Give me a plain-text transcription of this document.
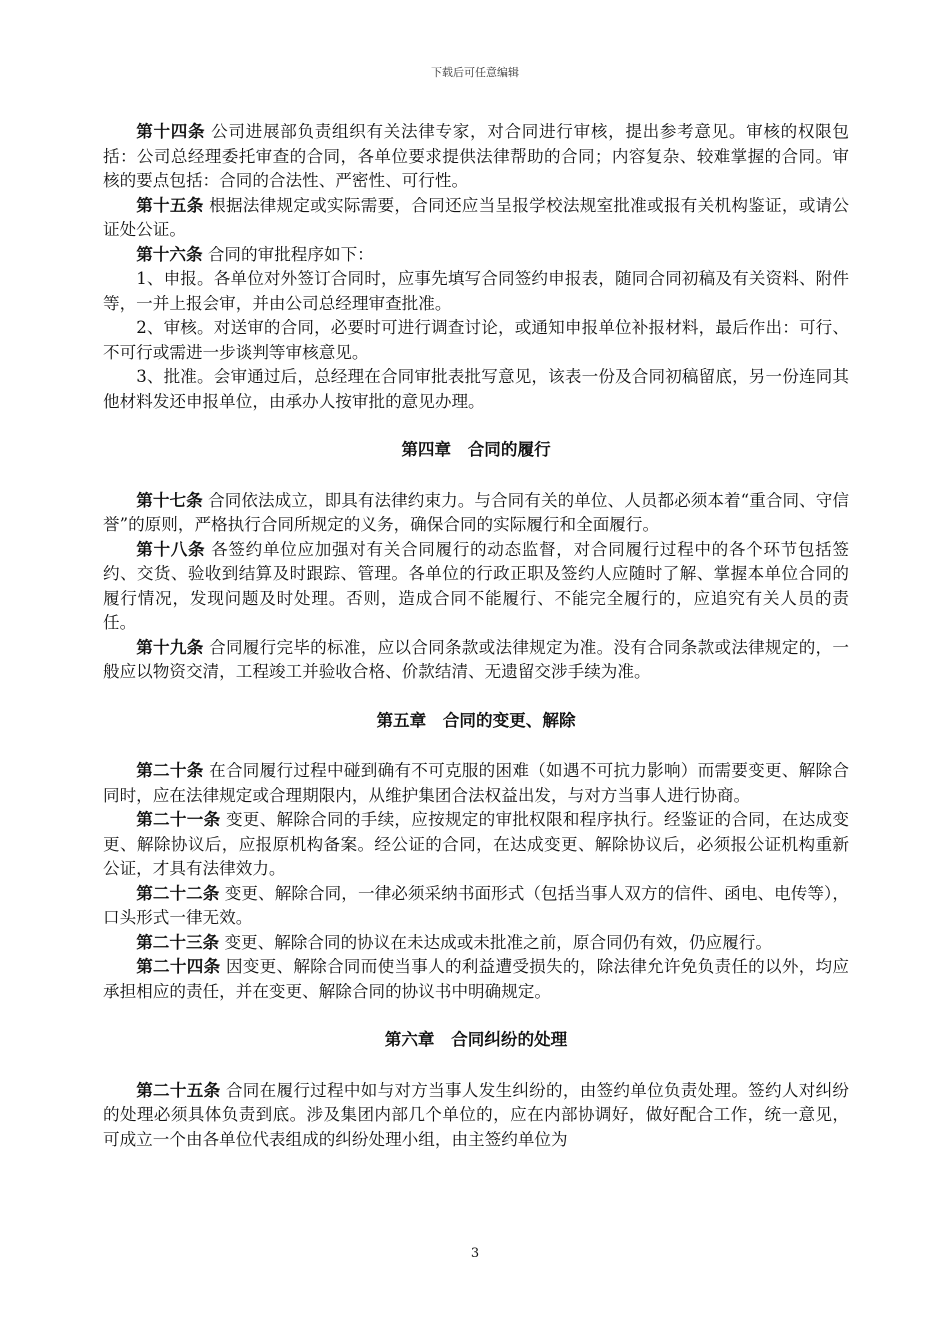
下载后可任意编辑

第十四条 公司进展部负责组织有关法律专家，对合同进行审核，提出参考意见。审核的权限包括：公司总经理委托审查的合同，各单位要求提供法律帮助的合同；内容复杂、较难掌握的合同。审核的要点包括：合同的合法性、严密性、可行性。

第十五条 根据法律规定或实际需要，合同还应当呈报学校法规室批准或报有关机构鉴证，或请公证处公证。

第十六条 合同的审批程序如下：

1、申报。各单位对外签订合同时，应事先填写合同签约申报表，随同合同初稿及有关资料、附件等，一并上报会审，并由公司总经理审查批准。

2、审核。对送审的合同，必要时可进行调查讨论，或通知申报单位补报材料，最后作出：可行、不可行或需进一步谈判等审核意见。

3、批准。会审通过后，总经理在合同审批表批写意见，该表一份及合同初稿留底，另一份连同其他材料发还申报单位，由承办人按审批的意见办理。

第四章　合同的履行

第十七条 合同依法成立，即具有法律约束力。与合同有关的单位、人员都必须本着“重合同、守信誉”的原则，严格执行合同所规定的义务，确保合同的实际履行和全面履行。

第十八条 各签约单位应加强对有关合同履行的动态监督，对合同履行过程中的各个环节包括签约、交货、验收到结算及时跟踪、管理。各单位的行政正职及签约人应随时了解、掌握本单位合同的履行情况，发现问题及时处理。否则，造成合同不能履行、不能完全履行的，应追究有关人员的责任。

第十九条 合同履行完毕的标准，应以合同条款或法律规定为准。没有合同条款或法律规定的，一般应以物资交清，工程竣工并验收合格、价款结清、无遗留交涉手续为准。

第五章　合同的变更、解除

第二十条 在合同履行过程中碰到确有不可克服的困难（如遇不可抗力影响）而需要变更、解除合同时，应在法律规定或合理期限内，从维护集团合法权益出发，与对方当事人进行协商。

第二十一条 变更、解除合同的手续，应按规定的审批权限和程序执行。经鉴证的合同，在达成变更、解除协议后，应报原机构备案。经公证的合同，在达成变更、解除协议后，必须报公证机构重新公证，才具有法律效力。

第二十二条 变更、解除合同，一律必须采纳书面形式（包括当事人双方的信件、函电、电传等），口头形式一律无效。

第二十三条 变更、解除合同的协议在未达成或未批准之前，原合同仍有效，仍应履行。

第二十四条 因变更、解除合同而使当事人的利益遭受损失的，除法律允许免负责任的以外，均应承担相应的责任，并在变更、解除合同的协议书中明确规定。

第六章　合同纠纷的处理

第二十五条 合同在履行过程中如与对方当事人发生纠纷的，由签约单位负责处理。签约人对纠纷的处理必须具体负责到底。涉及集团内部几个单位的，应在内部协调好，做好配合工作，统一意见，可成立一个由各单位代表组成的纠纷处理小组，由主签约单位为

3
